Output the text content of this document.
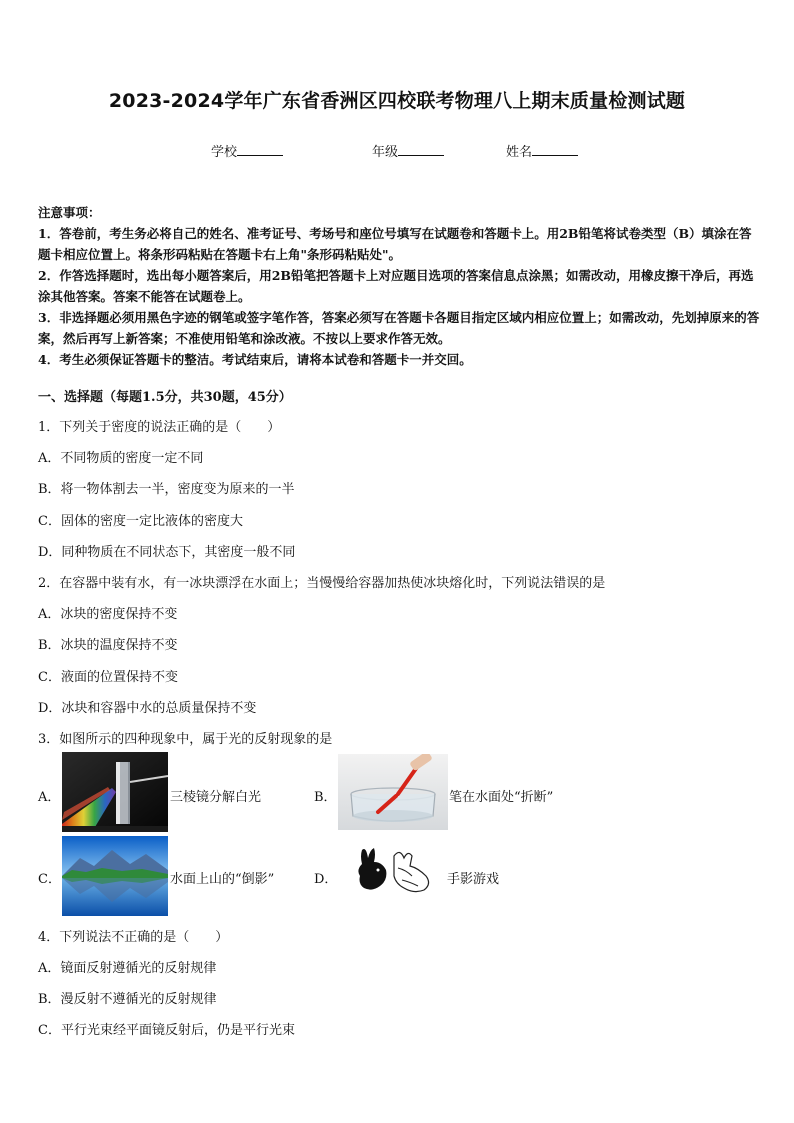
2023-2024学年广东省香洲区四校联考物理八上期末质量检测试题
学校	年级	姓名

注意事项：

1．答卷前，考生务必将自己的姓名、准考证号、考场号和座位号填写在试题卷和答题卡上。用2B铅笔将试卷类型（B）填涂在答题卡相应位置上。将条形码粘贴在答题卡右上角"条形码粘贴处"。

2．作答选择题时，选出每小题答案后，用2B铅笔把答题卡上对应题目选项的答案信息点涂黑；如需改动，用橡皮擦干净后，再选涂其他答案。答案不能答在试题卷上。

3．非选择题必须用黑色字迹的钢笔或签字笔作答，答案必须写在答题卡各题目指定区域内相应位置上；如需改动，先划掉原来的答案，然后再写上新答案；不准使用铅笔和涂改液。不按以上要求作答无效。

4．考生必须保证答题卡的整洁。考试结束后，请将本试卷和答题卡一并交回。

一、选择题（每题1.5分，共30题，45分）
1．下列关于密度的说法正确的是（　　）
A．不同物质的密度一定不同
B．将一物体割去一半，密度变为原来的一半
C．固体的密度一定比液体的密度大
D．同种物质在不同状态下，其密度一般不同
2．在容器中装有水，有一冰块漂浮在水面上；当慢慢给容器加热使冰块熔化时，下列说法错误的是
A．冰块的密度保持不变
B．冰块的温度保持不变
C．液面的位置保持不变
D．冰块和容器中水的总质量保持不变
3．如图所示的四种现象中，属于光的反射现象的是
A．	三棱镜分解白光	B．	笔在水面处“折断”
C．	水面上山的“倒影”	D．	手影游戏
4．下列说法不正确的是（　　）
A．镜面反射遵循光的反射规律
B．漫反射不遵循光的反射规律
C．平行光束经平面镜反射后，仍是平行光束
